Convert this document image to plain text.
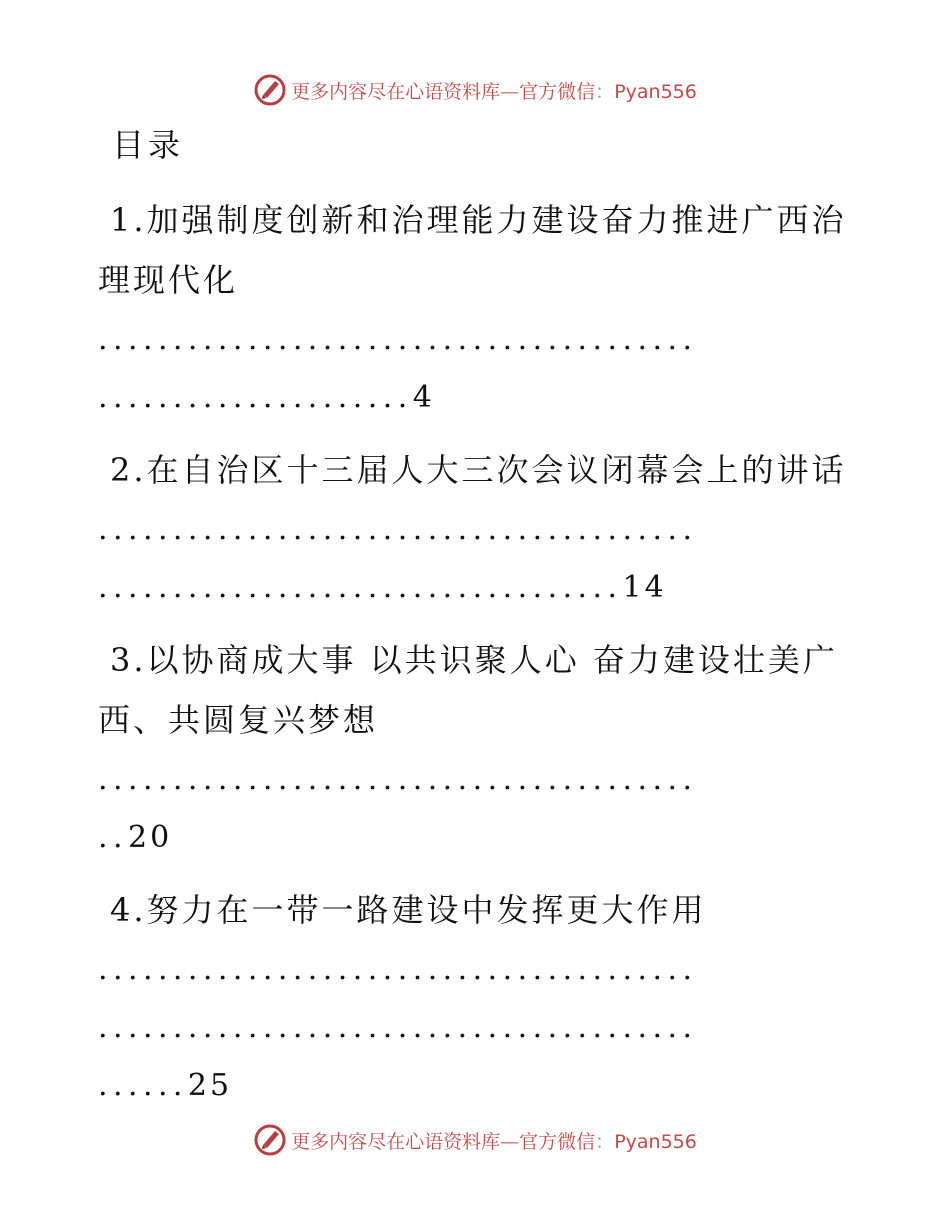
更多内容尽在心语资料库—官方微信：Pyan556
目录
1.加强制度创新和治理能力建设奋力推进广西治
理现代化
........................................
.....................4
2.在自治区十三届人大三次会议闭幕会上的讲话
........................................
...................................14
3.以协商成大事 以共识聚人心 奋力建设壮美广
西、共圆复兴梦想
........................................
..20
4.努力在一带一路建设中发挥更大作用
........................................
........................................
......25
更多内容尽在心语资料库—官方微信：Pyan556
